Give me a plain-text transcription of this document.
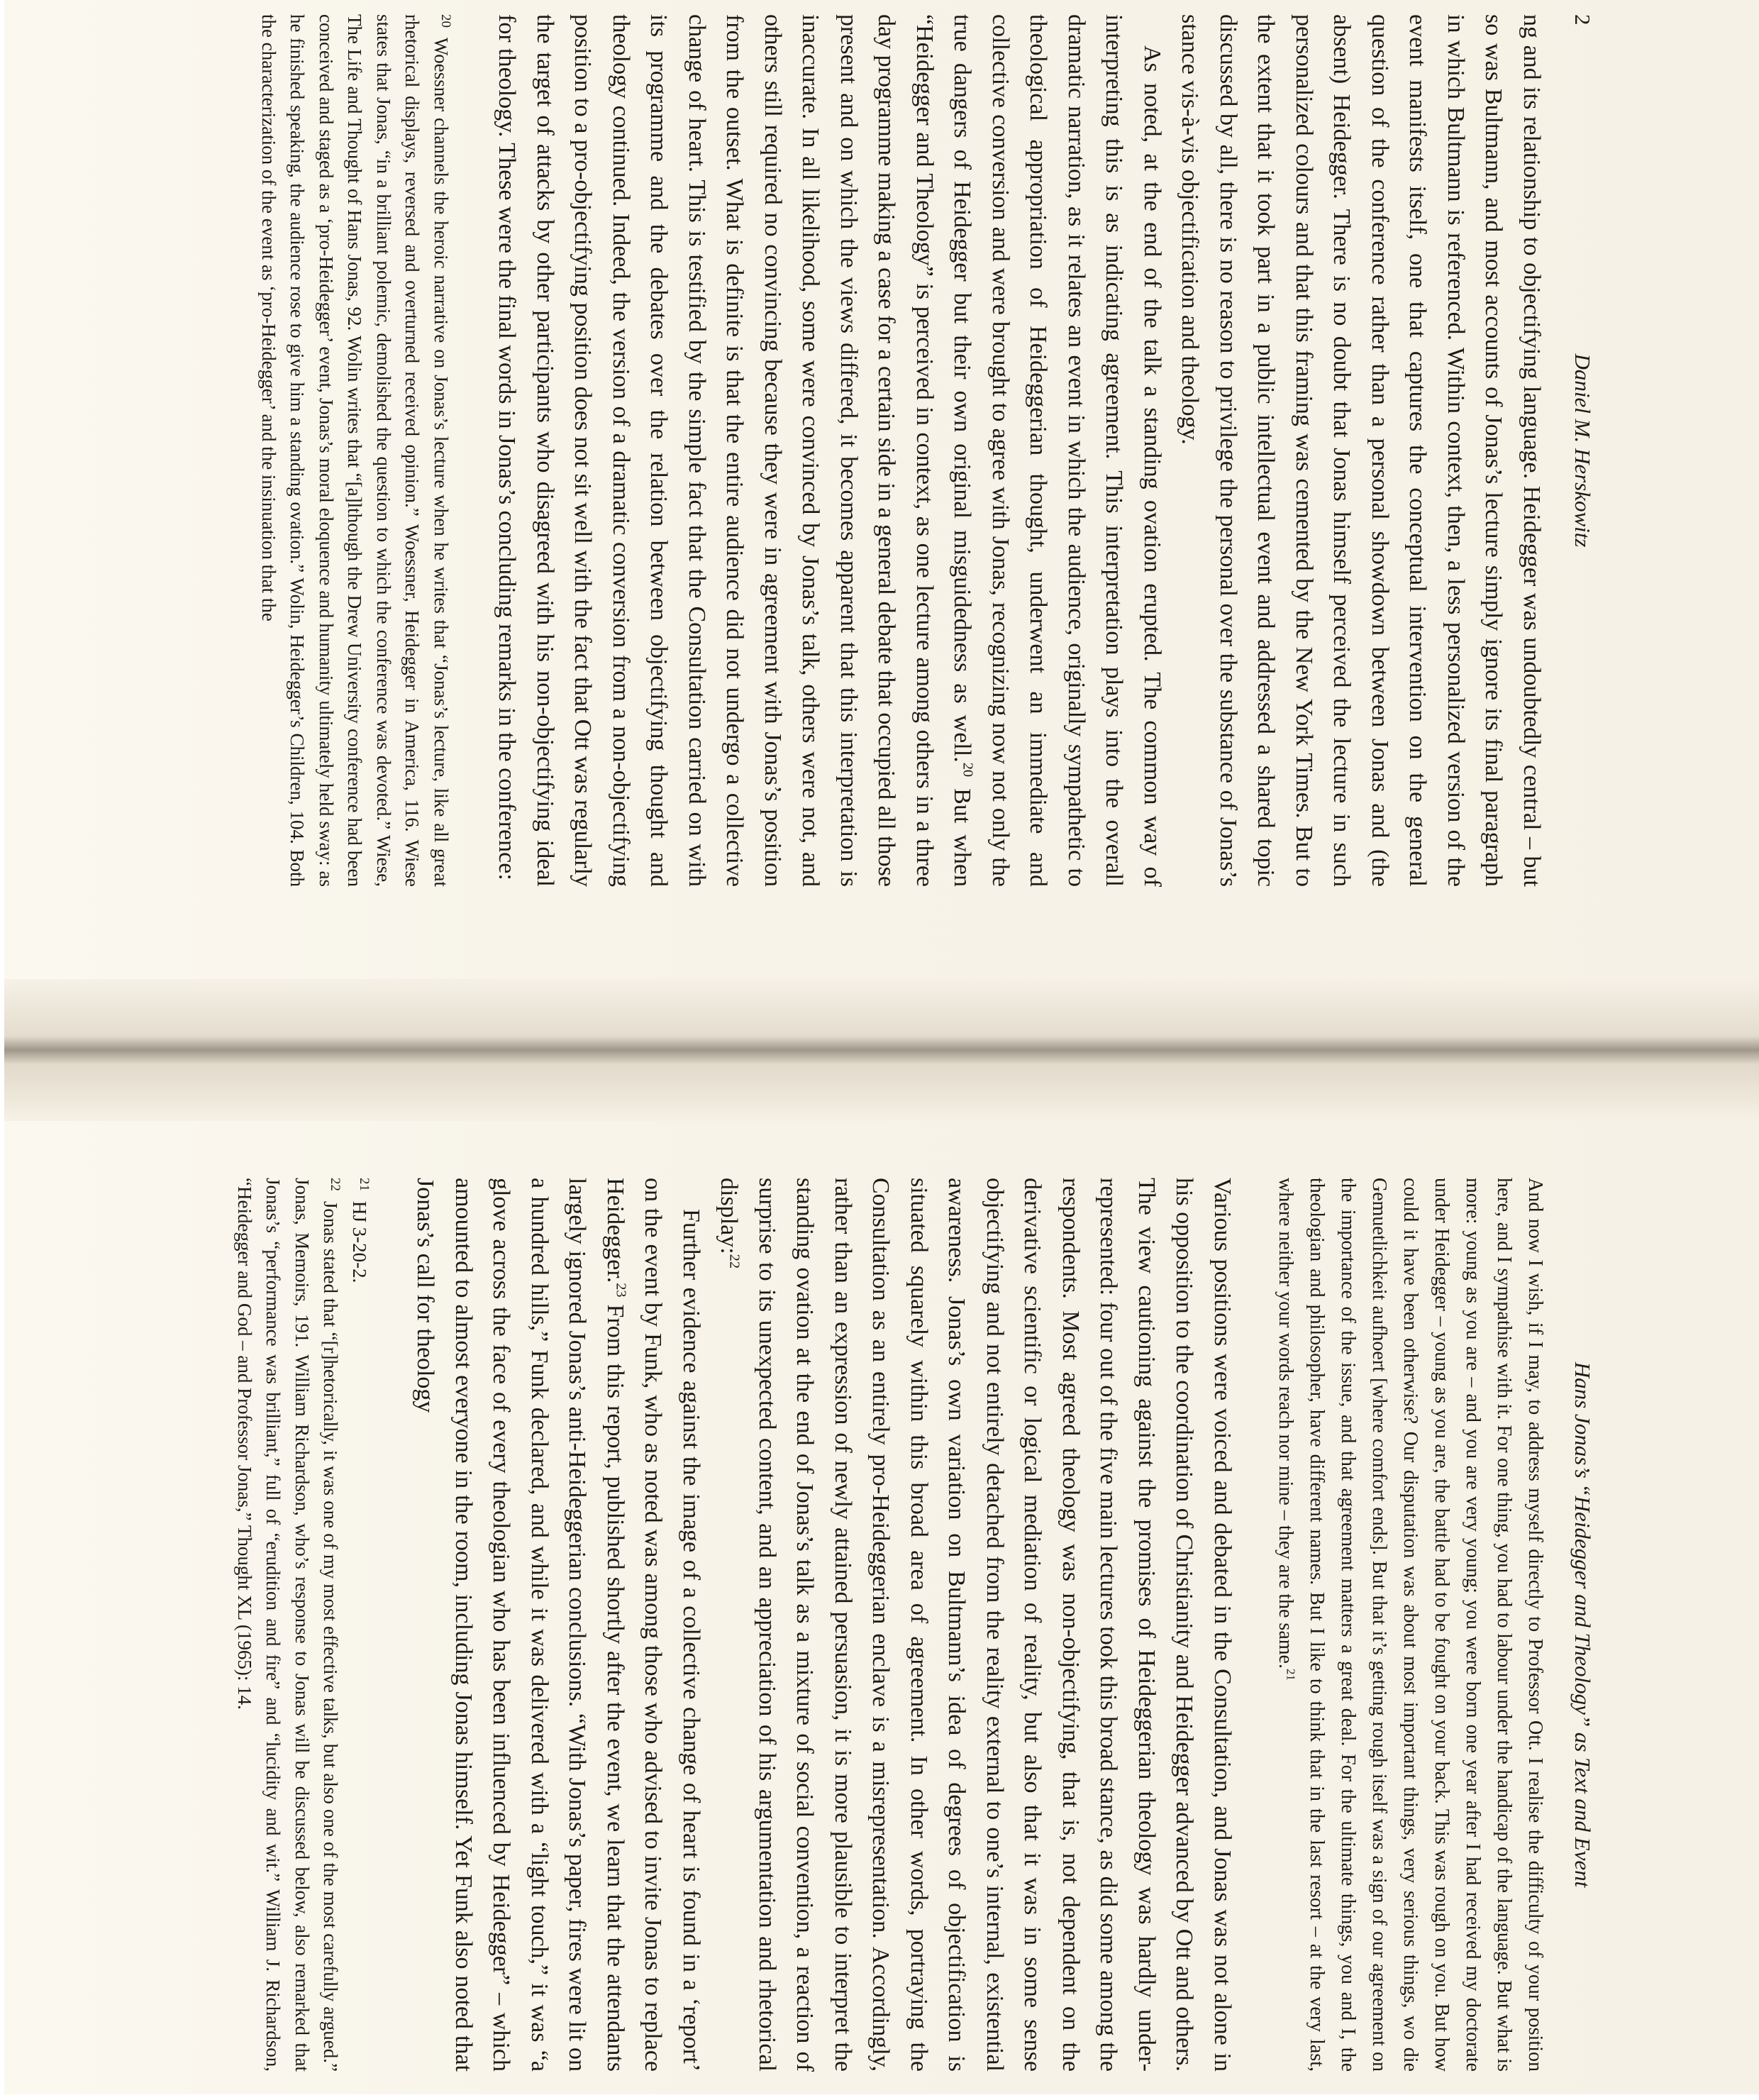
2
Daniel M. Herskowitz

ng and its relationship to objectifying language. Heidegger was undoubtedly central – but so was Bultmann, and most accounts of Jonas’s lecture simply ignore its final paragraph in which Bultmann is referenced. Within context, then, a less personalized version of the event manifests itself, one that captures the conceptual intervention on the general question of the conference rather than a personal showdown between Jonas and (the absent) Heidegger. There is no doubt that Jonas himself perceived the lecture in such personalized colours and that this framing was cemented by the New York Times. But to the extent that it took part in a public intellectual event and addressed a shared topic discussed by all, there is no reason to privilege the personal over the substance of Jonas’s stance vis-à-vis objectification and theology.

As noted, at the end of the talk a standing ovation erupted. The common way of interpreting this is as indicating agreement. This interpretation plays into the overall dramatic narration, as it relates an event in which the audience, originally sympathetic to theological appropriation of Heideggerian thought, underwent an immediate and collective conversion and were brought to agree with Jonas, recognizing now not only the true dangers of Heidegger but their own original misguidedness as well.$^{20}$ But when “Heidegger and Theology” is perceived in context, as one lecture among others in a three day programme making a case for a certain side in a general debate that occupied all those present and on which the views differed, it becomes apparent that this interpretation is inaccurate. In all likelihood, some were convinced by Jonas’s talk, others were not, and others still required no convincing because they were in agreement with Jonas’s position from the outset. What is definite is that the entire audience did not undergo a collective change of heart. This is testified by the simple fact that the Consultation carried on with its programme and the debates over the relation between objectifying thought and theology continued. Indeed, the version of a dramatic conversion from a non-objectifying position to a pro-objectifying position does not sit well with the fact that Ott was regularly the target of attacks by other participants who disagreed with his non-objectifying ideal for theology. These were the final words in Jonas’s concluding remarks in the conference:

$^{20}$Woessner channels the heroic narrative on Jonas’s lecture when he writes that “Jonas’s lecture, like all great rhetorical displays, reversed and overturned received opinion.” Woessner, Heidegger in America, 116. Wiese states that Jonas, “in a brilliant polemic, demolished the question to which the conference was devoted.” Wiese, The Life and Thought of Hans Jonas, 92. Wolin writes that “[a]lthough the Drew University conference had been conceived and staged as a ‘pro-Heidegger’ event, Jonas’s moral eloquence and humanity ultimately held sway: as he finished speaking, the audience rose to give him a standing ovation.” Wolin, Heidegger’s Children, 104. Both the characterization of the event as ‘pro-Heidegger’ and the insinuation that the

Hans Jonas’s “Heidegger and Theology” as Text and Event
And now I wish, if I may, to address myself directly to Professor Ott. I realise the difficulty of your position here, and I sympathise with it. For one thing, you had to labour under the handicap of the language. But what is more: young as you are – and you are very young; you were born one year after I had received my doctorate under Heidegger – young as you are, the battle had to be fought on your back. This was rough on you. But how could it have been otherwise? Our disputation was about most important things, very serious things, wo die Gemuetlichkeit aufhoert [where comfort ends]. But that it’s getting rough itself was a sign of our agreement on the importance of the issue, and that agreement matters a great deal. For the ultimate things, you and I, the theologian and philosopher, have different names. But I like to think that in the last resort – at the very last, where neither your words reach nor mine – they are the same.$^{21}$

Various positions were voiced and debated in the Consultation, and Jonas was not alone in his opposition to the coordination of Christianity and Heidegger advanced by Ott and others. The view cautioning against the promises of Heideggerian theology was hardly under-represented: four out of the five main lectures took this broad stance, as did some among the respondents. Most agreed theology was non-objectifying, that is, not dependent on the derivative scientific or logical mediation of reality, but also that it was in some sense objectifying and not entirely detached from the reality external to one’s internal, existential awareness. Jonas’s own variation on Bultmann’s idea of degrees of objectification is situated squarely within this broad area of agreement. In other words, portraying the Consultation as an entirely pro-Heideggerian enclave is a misrepresentation. Accordingly, rather than an expression of newly attained persuasion, it is more plausible to interpret the standing ovation at the end of Jonas’s talk as a mixture of social convention, a reaction of surprise to its unexpected content, and an appreciation of his argumentation and rhetorical display:$^{22}$

Further evidence against the image of a collective change of heart is found in a ‘report’ on the event by Funk, who as noted was among those who advised to invite Jonas to replace Heidegger.$^{23}$ From this report, published shortly after the event, we learn that the attendants largely ignored Jonas’s anti-Heideggerian conclusions. “With Jonas’s paper, fires were lit on a hundred hills,” Funk declared, and while it was delivered with a “light touch,” it was “a glove across the face of every theologian who has been influenced by Heidegger” – which amounted to almost everyone in the room, including Jonas himself. Yet Funk also noted that Jonas’s call for theology

$^{21}$HJ 3-20-2.

$^{22}$Jonas stated that “[r]hetorically, it was one of my most effective talks, but also one of the most carefully argued.” Jonas, Memoirs, 191. William Richardson, who’s response to Jonas will be discussed below, also remarked that Jonas’s “performance was brilliant,” full of “erudition and fire” and “lucidity and wit.” William J. Richardson, “Heidegger and God – and Professor Jonas,” Thought XL (1965): 14.
